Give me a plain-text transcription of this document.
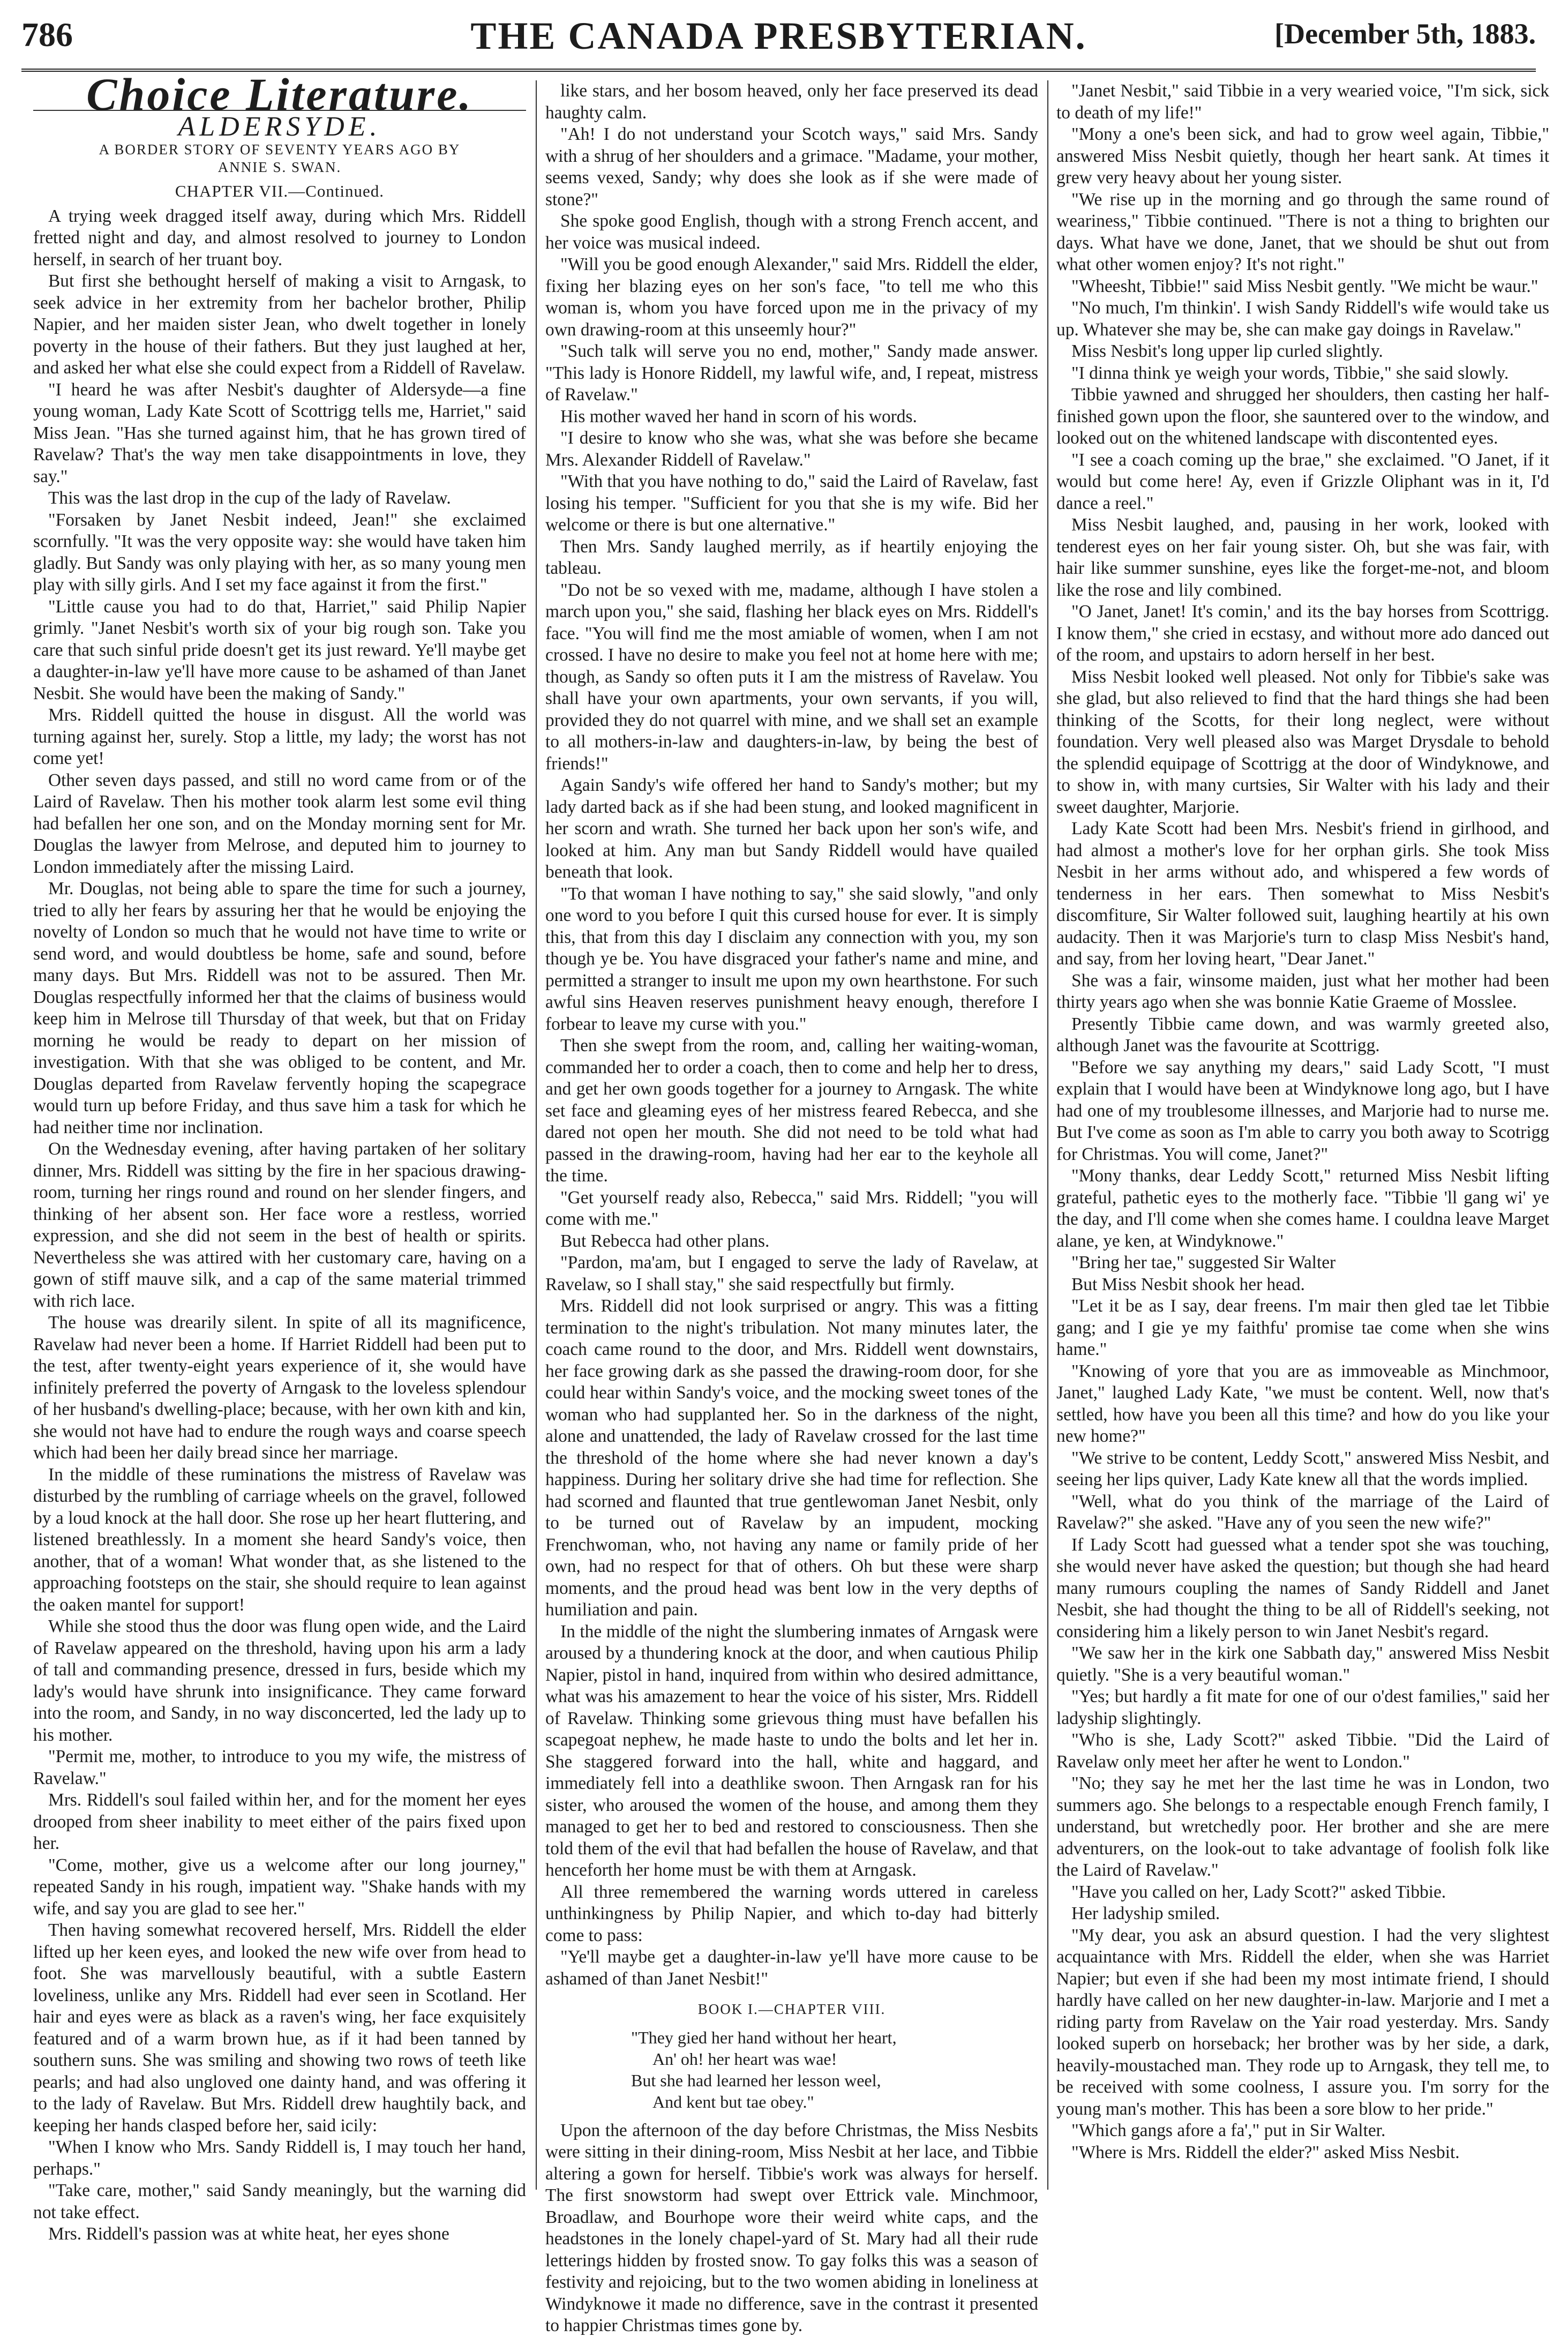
786	THE CANADA PRESBYTERIAN.	[December 5th, 1883.
Choice Literature.
ALDERSYDE.
A BORDER STORY OF SEVENTY YEARS AGO BY
ANNIE S. SWAN.
CHAPTER VII.—Continued.

A trying week dragged itself away, during which Mrs. Riddell fretted night and day, and almost resolved to journey to London herself, in search of her truant boy.

But first she bethought herself of making a visit to Arngask, to seek advice in her extremity from her bachelor brother, Philip Napier, and her maiden sister Jean, who dwelt together in lonely poverty in the house of their fathers. But they just laughed at her, and asked her what else she could expect from a Riddell of Ravelaw.

"I heard he was after Nesbit's daughter of Aldersyde—a fine young woman, Lady Kate Scott of Scottrigg tells me, Harriet," said Miss Jean. "Has she turned against him, that he has grown tired of Ravelaw? That's the way men take disappointments in love, they say."

This was the last drop in the cup of the lady of Ravelaw.

"Forsaken by Janet Nesbit indeed, Jean!" she exclaimed scornfully. "It was the very opposite way: she would have taken him gladly. But Sandy was only playing with her, as so many young men play with silly girls. And I set my face against it from the first."

"Little cause you had to do that, Harriet," said Philip Napier grimly. "Janet Nesbit's worth six of your big rough son. Take you care that such sinful pride doesn't get its just reward. Ye'll maybe get a daughter-in-law ye'll have more cause to be ashamed of than Janet Nesbit. She would have been the making of Sandy."

Mrs. Riddell quitted the house in disgust. All the world was turning against her, surely. Stop a little, my lady; the worst has not come yet!

Other seven days passed, and still no word came from or of the Laird of Ravelaw. Then his mother took alarm lest some evil thing had befallen her one son, and on the Monday morning sent for Mr. Douglas the lawyer from Melrose, and deputed him to journey to London immediately after the missing Laird.

Mr. Douglas, not being able to spare the time for such a journey, tried to ally her fears by assuring her that he would be enjoying the novelty of London so much that he would not have time to write or send word, and would doubtless be home, safe and sound, before many days. But Mrs. Riddell was not to be assured. Then Mr. Douglas respectfully informed her that the claims of business would keep him in Melrose till Thursday of that week, but that on Friday morning he would be ready to depart on her mission of investigation. With that she was obliged to be content, and Mr. Douglas departed from Ravelaw fervently hoping the scapegrace would turn up before Friday, and thus save him a task for which he had neither time nor inclination.

On the Wednesday evening, after having partaken of her solitary dinner, Mrs. Riddell was sitting by the fire in her spacious drawing-room, turning her rings round and round on her slender fingers, and thinking of her absent son. Her face wore a restless, worried expression, and she did not seem in the best of health or spirits. Nevertheless she was attired with her customary care, having on a gown of stiff mauve silk, and a cap of the same material trimmed with rich lace.

The house was drearily silent. In spite of all its magnificence, Ravelaw had never been a home. If Harriet Riddell had been put to the test, after twenty-eight years experience of it, she would have infinitely preferred the poverty of Arngask to the loveless splendour of her husband's dwelling-place; because, with her own kith and kin, she would not have had to endure the rough ways and coarse speech which had been her daily bread since her marriage.

In the middle of these ruminations the mistress of Ravelaw was disturbed by the rumbling of carriage wheels on the gravel, followed by a loud knock at the hall door. She rose up her heart fluttering, and listened breathlessly. In a moment she heard Sandy's voice, then another, that of a woman! What wonder that, as she listened to the approaching footsteps on the stair, she should require to lean against the oaken mantel for support!

While she stood thus the door was flung open wide, and the Laird of Ravelaw appeared on the threshold, having upon his arm a lady of tall and commanding presence, dressed in furs, beside which my lady's would have shrunk into insignificance. They came forward into the room, and Sandy, in no way disconcerted, led the lady up to his mother.

"Permit me, mother, to introduce to you my wife, the mistress of Ravelaw."

Mrs. Riddell's soul failed within her, and for the moment her eyes drooped from sheer inability to meet either of the pairs fixed upon her.

"Come, mother, give us a welcome after our long journey," repeated Sandy in his rough, impatient way. "Shake hands with my wife, and say you are glad to see her."

Then having somewhat recovered herself, Mrs. Riddell the elder lifted up her keen eyes, and looked the new wife over from head to foot. She was marvellously beautiful, with a subtle Eastern loveliness, unlike any Mrs. Riddell had ever seen in Scotland. Her hair and eyes were as black as a raven's wing, her face exquisitely featured and of a warm brown hue, as if it had been tanned by southern suns. She was smiling and showing two rows of teeth like pearls; and had also ungloved one dainty hand, and was offering it to the lady of Ravelaw. But Mrs. Riddell drew haughtily back, and keeping her hands clasped before her, said icily:

"When I know who Mrs. Sandy Riddell is, I may touch her hand, perhaps."

"Take care, mother," said Sandy meaningly, but the warning did not take effect.

Mrs. Riddell's passion was at white heat, her eyes shone

like stars, and her bosom heaved, only her face preserved its dead haughty calm.

"Ah! I do not understand your Scotch ways," said Mrs. Sandy with a shrug of her shoulders and a grimace. "Madame, your mother, seems vexed, Sandy; why does she look as if she were made of stone?"

She spoke good English, though with a strong French accent, and her voice was musical indeed.

"Will you be good enough Alexander," said Mrs. Riddell the elder, fixing her blazing eyes on her son's face, "to tell me who this woman is, whom you have forced upon me in the privacy of my own drawing-room at this unseemly hour?"

"Such talk will serve you no end, mother," Sandy made answer. "This lady is Honore Riddell, my lawful wife, and, I repeat, mistress of Ravelaw."

His mother waved her hand in scorn of his words.

"I desire to know who she was, what she was before she became Mrs. Alexander Riddell of Ravelaw."

"With that you have nothing to do," said the Laird of Ravelaw, fast losing his temper. "Sufficient for you that she is my wife. Bid her welcome or there is but one alternative."

Then Mrs. Sandy laughed merrily, as if heartily enjoying the tableau.

"Do not be so vexed with me, madame, although I have stolen a march upon you," she said, flashing her black eyes on Mrs. Riddell's face. "You will find me the most amiable of women, when I am not crossed. I have no desire to make you feel not at home here with me; though, as Sandy so often puts it I am the mistress of Ravelaw. You shall have your own apartments, your own servants, if you will, provided they do not quarrel with mine, and we shall set an example to all mothers-in-law and daughters-in-law, by being the best of friends!"

Again Sandy's wife offered her hand to Sandy's mother; but my lady darted back as if she had been stung, and looked magnificent in her scorn and wrath. She turned her back upon her son's wife, and looked at him. Any man but Sandy Riddell would have quailed beneath that look.

"To that woman I have nothing to say," she said slowly, "and only one word to you before I quit this cursed house for ever. It is simply this, that from this day I disclaim any connection with you, my son though ye be. You have disgraced your father's name and mine, and permitted a stranger to insult me upon my own hearthstone. For such awful sins Heaven reserves punishment heavy enough, therefore I forbear to leave my curse with you."

Then she swept from the room, and, calling her waiting-woman, commanded her to order a coach, then to come and help her to dress, and get her own goods together for a journey to Arngask. The white set face and gleaming eyes of her mistress feared Rebecca, and she dared not open her mouth. She did not need to be told what had passed in the drawing-room, having had her ear to the keyhole all the time.

"Get yourself ready also, Rebecca," said Mrs. Riddell; "you will come with me."

But Rebecca had other plans.

"Pardon, ma'am, but I engaged to serve the lady of Ravelaw, at Ravelaw, so I shall stay," she said respectfully but firmly.

Mrs. Riddell did not look surprised or angry. This was a fitting termination to the night's tribulation. Not many minutes later, the coach came round to the door, and Mrs. Riddell went downstairs, her face growing dark as she passed the drawing-room door, for she could hear within Sandy's voice, and the mocking sweet tones of the woman who had supplanted her. So in the darkness of the night, alone and unattended, the lady of Ravelaw crossed for the last time the threshold of the home where she had never known a day's happiness. During her solitary drive she had time for reflection. She had scorned and flaunted that true gentlewoman Janet Nesbit, only to be turned out of Ravelaw by an impudent, mocking Frenchwoman, who, not having any name or family pride of her own, had no respect for that of others. Oh but these were sharp moments, and the proud head was bent low in the very depths of humiliation and pain.

In the middle of the night the slumbering inmates of Arngask were aroused by a thundering knock at the door, and when cautious Philip Napier, pistol in hand, inquired from within who desired admittance, what was his amazement to hear the voice of his sister, Mrs. Riddell of Ravelaw. Thinking some grievous thing must have befallen his scapegoat nephew, he made haste to undo the bolts and let her in. She staggered forward into the hall, white and haggard, and immediately fell into a deathlike swoon. Then Arngask ran for his sister, who aroused the women of the house, and among them they managed to get her to bed and restored to consciousness. Then she told them of the evil that had befallen the house of Ravelaw, and that henceforth her home must be with them at Arngask.

All three remembered the warning words uttered in careless unthinkingness by Philip Napier, and which to-day had bitterly come to pass:

"Ye'll maybe get a daughter-in-law ye'll have more cause to be ashamed of than Janet Nesbit!"

BOOK I.—CHAPTER VIII.
"They gied her hand without her heart,
An' oh! her heart was wae!
But she had learned her lesson weel,
And kent but tae obey."

Upon the afternoon of the day before Christmas, the Miss Nesbits were sitting in their dining-room, Miss Nesbit at her lace, and Tibbie altering a gown for herself. Tibbie's work was always for herself. The first snowstorm had swept over Ettrick vale. Minchmoor, Broadlaw, and Bourhope wore their weird white caps, and the headstones in the lonely chapel-yard of St. Mary had all their rude letterings hidden by frosted snow. To gay folks this was a season of festivity and rejoicing, but to the two women abiding in loneliness at Windyknowe it made no difference, save in the contrast it presented to happier Christmas times gone by.

"Janet Nesbit," said Tibbie in a very wearied voice, "I'm sick, sick to death of my life!"

"Mony a one's been sick, and had to grow weel again, Tibbie," answered Miss Nesbit quietly, though her heart sank. At times it grew very heavy about her young sister.

"We rise up in the morning and go through the same round of weariness," Tibbie continued. "There is not a thing to brighten our days. What have we done, Janet, that we should be shut out from what other women enjoy? It's not right."

"Wheesht, Tibbie!" said Miss Nesbit gently. "We micht be waur."

"No much, I'm thinkin'. I wish Sandy Riddell's wife would take us up. Whatever she may be, she can make gay doings in Ravelaw."

Miss Nesbit's long upper lip curled slightly.

"I dinna think ye weigh your words, Tibbie," she said slowly.

Tibbie yawned and shrugged her shoulders, then casting her half-finished gown upon the floor, she sauntered over to the window, and looked out on the whitened landscape with discontented eyes.

"I see a coach coming up the brae," she exclaimed. "O Janet, if it would but come here! Ay, even if Grizzle Oliphant was in it, I'd dance a reel."

Miss Nesbit laughed, and, pausing in her work, looked with tenderest eyes on her fair young sister. Oh, but she was fair, with hair like summer sunshine, eyes like the forget-me-not, and bloom like the rose and lily combined.

"O Janet, Janet! It's comin,' and its the bay horses from Scottrigg. I know them," she cried in ecstasy, and without more ado danced out of the room, and upstairs to adorn herself in her best.

Miss Nesbit looked well pleased. Not only for Tibbie's sake was she glad, but also relieved to find that the hard things she had been thinking of the Scotts, for their long neglect, were without foundation. Very well pleased also was Marget Drysdale to behold the splendid equipage of Scottrigg at the door of Windyknowe, and to show in, with many curtsies, Sir Walter with his lady and their sweet daughter, Marjorie.

Lady Kate Scott had been Mrs. Nesbit's friend in girlhood, and had almost a mother's love for her orphan girls. She took Miss Nesbit in her arms without ado, and whispered a few words of tenderness in her ears. Then somewhat to Miss Nesbit's discomfiture, Sir Walter followed suit, laughing heartily at his own audacity. Then it was Marjorie's turn to clasp Miss Nesbit's hand, and say, from her loving heart, "Dear Janet."

She was a fair, winsome maiden, just what her mother had been thirty years ago when she was bonnie Katie Graeme of Mosslee.

Presently Tibbie came down, and was warmly greeted also, although Janet was the favourite at Scottrigg.

"Before we say anything my dears," said Lady Scott, "I must explain that I would have been at Windyknowe long ago, but I have had one of my troublesome illnesses, and Marjorie had to nurse me. But I've come as soon as I'm able to carry you both away to Scotrigg for Christmas. You will come, Janet?"

"Mony thanks, dear Leddy Scott," returned Miss Nesbit lifting grateful, pathetic eyes to the motherly face. "Tibbie 'll gang wi' ye the day, and I'll come when she comes hame. I couldna leave Marget alane, ye ken, at Windyknowe."

"Bring her tae," suggested Sir Walter

But Miss Nesbit shook her head.

"Let it be as I say, dear freens. I'm mair then gled tae let Tibbie gang; and I gie ye my faithfu' promise tae come when she wins hame."

"Knowing of yore that you are as immoveable as Minchmoor, Janet," laughed Lady Kate, "we must be content. Well, now that's settled, how have you been all this time? and how do you like your new home?"

"We strive to be content, Leddy Scott," answered Miss Nesbit, and seeing her lips quiver, Lady Kate knew all that the words implied.

"Well, what do you think of the marriage of the Laird of Ravelaw?" she asked. "Have any of you seen the new wife?"

If Lady Scott had guessed what a tender spot she was touching, she would never have asked the question; but though she had heard many rumours coupling the names of Sandy Riddell and Janet Nesbit, she had thought the thing to be all of Riddell's seeking, not considering him a likely person to win Janet Nesbit's regard.

"We saw her in the kirk one Sabbath day," answered Miss Nesbit quietly. "She is a very beautiful woman."

"Yes; but hardly a fit mate for one of our o'dest families," said her ladyship slightingly.

"Who is she, Lady Scott?" asked Tibbie. "Did the Laird of Ravelaw only meet her after he went to London."

"No; they say he met her the last time he was in London, two summers ago. She belongs to a respectable enough French family, I understand, but wretchedly poor. Her brother and she are mere adventurers, on the look-out to take advantage of foolish folk like the Laird of Ravelaw."

"Have you called on her, Lady Scott?" asked Tibbie.

Her ladyship smiled.

"My dear, you ask an absurd question. I had the very slightest acquaintance with Mrs. Riddell the elder, when she was Harriet Napier; but even if she had been my most intimate friend, I should hardly have called on her new daughter-in-law. Marjorie and I met a riding party from Ravelaw on the Yair road yesterday. Mrs. Sandy looked superb on horseback; her brother was by her side, a dark, heavily-moustached man. They rode up to Arngask, they tell me, to be received with some coolness, I assure you. I'm sorry for the young man's mother. This has been a sore blow to her pride."

"Which gangs afore a fa'," put in Sir Walter.

"Where is Mrs. Riddell the elder?" asked Miss Nesbit.
